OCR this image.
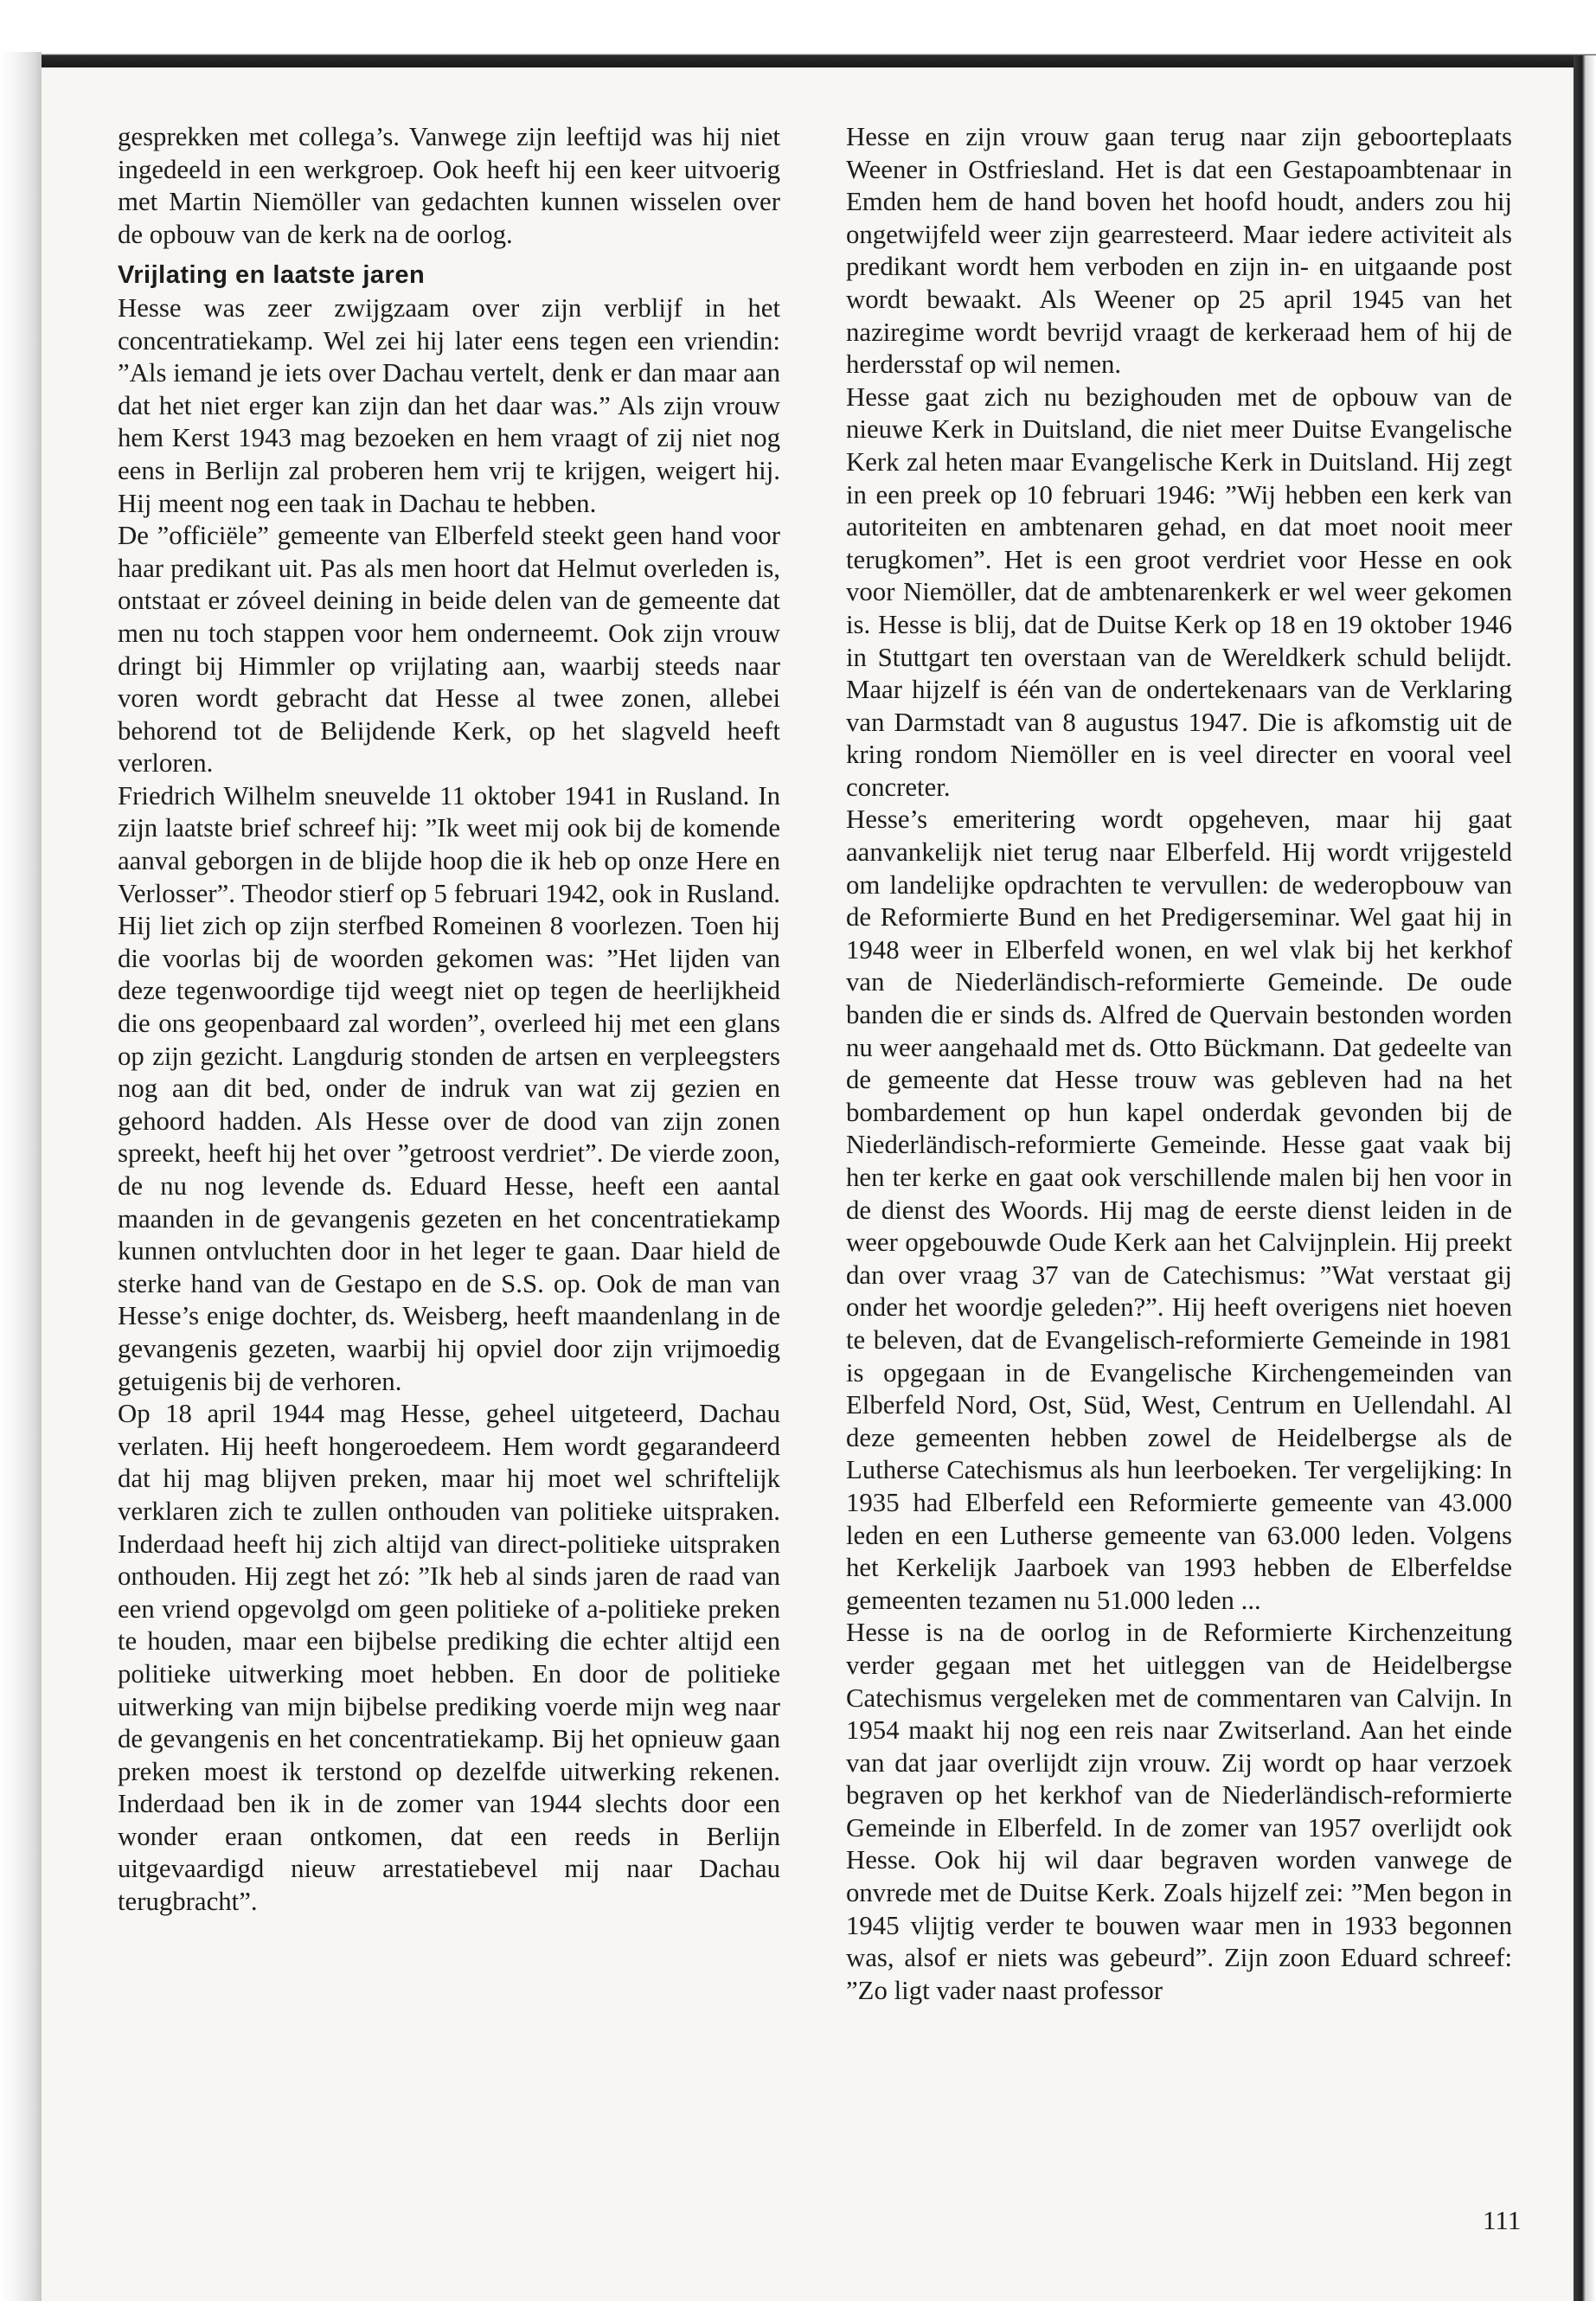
gesprekken met collega’s. Vanwege zijn leeftijd was hij niet ingedeeld in een werkgroep. Ook heeft hij een keer uitvoerig met Martin Niemöller van gedachten kunnen wisselen over de opbouw van de kerk na de oorlog.

Vrijlating en laatste jaren

Hesse was zeer zwijgzaam over zijn verblijf in het concentratiekamp. Wel zei hij later eens tegen een vriendin: ”Als iemand je iets over Dachau vertelt, denk er dan maar aan dat het niet erger kan zijn dan het daar was.” Als zijn vrouw hem Kerst 1943 mag bezoeken en hem vraagt of zij niet nog eens in Berlijn zal proberen hem vrij te krijgen, weigert hij. Hij meent nog een taak in Dachau te hebben.

De ”officiële” gemeente van Elberfeld steekt geen hand voor haar predikant uit. Pas als men hoort dat Helmut overleden is, ontstaat er zóveel deining in beide delen van de gemeente dat men nu toch stappen voor hem onderneemt. Ook zijn vrouw dringt bij Himmler op vrijlating aan, waarbij steeds naar voren wordt gebracht dat Hesse al twee zonen, allebei behorend tot de Belijdende Kerk, op het slagveld heeft verloren.

Friedrich Wilhelm sneuvelde 11 oktober 1941 in Rusland. In zijn laatste brief schreef hij: ”Ik weet mij ook bij de komende aanval geborgen in de blijde hoop die ik heb op onze Here en Verlosser”. Theodor stierf op 5 februari 1942, ook in Rusland. Hij liet zich op zijn sterfbed Romeinen 8 voorlezen. Toen hij die voorlas bij de woorden gekomen was: ”Het lijden van deze tegenwoordige tijd weegt niet op tegen de heerlijkheid die ons geopenbaard zal worden”, overleed hij met een glans op zijn gezicht. Langdurig stonden de artsen en verpleegsters nog aan dit bed, onder de indruk van wat zij gezien en gehoord hadden. Als Hesse over de dood van zijn zonen spreekt, heeft hij het over ”getroost verdriet”. De vierde zoon, de nu nog levende ds. Eduard Hesse, heeft een aantal maanden in de gevangenis gezeten en het concentratiekamp kunnen ontvluchten door in het leger te gaan. Daar hield de sterke hand van de Gestapo en de S.S. op. Ook de man van Hesse’s enige dochter, ds. Weisberg, heeft maandenlang in de gevangenis gezeten, waarbij hij opviel door zijn vrijmoedig getuigenis bij de verhoren.

Op 18 april 1944 mag Hesse, geheel uitgeteerd, Dachau verlaten. Hij heeft hongeroedeem. Hem wordt gegarandeerd dat hij mag blijven preken, maar hij moet wel schriftelijk verklaren zich te zullen onthouden van politieke uitspraken. Inderdaad heeft hij zich altijd van direct-politieke uitspraken onthouden. Hij zegt het zó: ”Ik heb al sinds jaren de raad van een vriend opgevolgd om geen politieke of a-politieke preken te houden, maar een bijbelse prediking die echter altijd een politieke uitwerking moet hebben. En door de politieke uitwerking van mijn bijbelse prediking voerde mijn weg naar de gevangenis en het concentratiekamp. Bij het opnieuw gaan preken moest ik terstond op dezelfde uitwerking rekenen. Inderdaad ben ik in de zomer van 1944 slechts door een wonder eraan ontkomen, dat een reeds in Berlijn uitgevaardigd nieuw arrestatiebevel mij naar Dachau terugbracht”.

Hesse en zijn vrouw gaan terug naar zijn geboorteplaats Weener in Ostfriesland. Het is dat een Gestapoambtenaar in Emden hem de hand boven het hoofd houdt, anders zou hij ongetwijfeld weer zijn gearresteerd. Maar iedere activiteit als predikant wordt hem verboden en zijn in- en uitgaande post wordt bewaakt. Als Weener op 25 april 1945 van het naziregime wordt bevrijd vraagt de kerkeraad hem of hij de herdersstaf op wil nemen.

Hesse gaat zich nu bezighouden met de opbouw van de nieuwe Kerk in Duitsland, die niet meer Duitse Evangelische Kerk zal heten maar Evangelische Kerk in Duitsland. Hij zegt in een preek op 10 februari 1946: ”Wij hebben een kerk van autoriteiten en ambtenaren gehad, en dat moet nooit meer terugkomen”. Het is een groot verdriet voor Hesse en ook voor Niemöller, dat de ambtenarenkerk er wel weer gekomen is. Hesse is blij, dat de Duitse Kerk op 18 en 19 oktober 1946 in Stuttgart ten overstaan van de Wereldkerk schuld belijdt. Maar hijzelf is één van de ondertekenaars van de Verklaring van Darmstadt van 8 augustus 1947. Die is afkomstig uit de kring rondom Niemöller en is veel directer en vooral veel concreter.

Hesse’s emeritering wordt opgeheven, maar hij gaat aanvankelijk niet terug naar Elberfeld. Hij wordt vrijgesteld om landelijke opdrachten te vervullen: de wederopbouw van de Reformierte Bund en het Predigerseminar. Wel gaat hij in 1948 weer in Elberfeld wonen, en wel vlak bij het kerkhof van de Niederländisch-reformierte Gemeinde. De oude banden die er sinds ds. Alfred de Quervain bestonden worden nu weer aangehaald met ds. Otto Bückmann. Dat gedeelte van de gemeente dat Hesse trouw was gebleven had na het bombardement op hun kapel onderdak gevonden bij de Niederländisch-reformierte Gemeinde. Hesse gaat vaak bij hen ter kerke en gaat ook verschillende malen bij hen voor in de dienst des Woords. Hij mag de eerste dienst leiden in de weer opgebouwde Oude Kerk aan het Calvijnplein. Hij preekt dan over vraag 37 van de Catechismus: ”Wat verstaat gij onder het woordje geleden?”. Hij heeft overigens niet hoeven te beleven, dat de Evangelisch-reformierte Gemeinde in 1981 is opgegaan in de Evangelische Kirchengemeinden van Elberfeld Nord, Ost, Süd, West, Centrum en Uellendahl. Al deze gemeenten hebben zowel de Heidelbergse als de Lutherse Catechismus als hun leerboeken. Ter vergelijking: In 1935 had Elberfeld een Reformierte gemeente van 43.000 leden en een Lutherse gemeente van 63.000 leden. Volgens het Kerkelijk Jaarboek van 1993 hebben de Elberfeldse gemeenten tezamen nu 51.000 leden ...

Hesse is na de oorlog in de Reformierte Kirchenzeitung verder gegaan met het uitleggen van de Heidelbergse Catechismus vergeleken met de commentaren van Calvijn. In 1954 maakt hij nog een reis naar Zwitserland. Aan het einde van dat jaar overlijdt zijn vrouw. Zij wordt op haar verzoek begraven op het kerkhof van de Niederländisch-reformierte Gemeinde in Elberfeld. In de zomer van 1957 overlijdt ook Hesse. Ook hij wil daar begraven worden vanwege de onvrede met de Duitse Kerk. Zoals hijzelf zei: ”Men begon in 1945 vlijtig verder te bouwen waar men in 1933 begonnen was, alsof er niets was gebeurd”. Zijn zoon Eduard schreef: ”Zo ligt vader naast professor

111
